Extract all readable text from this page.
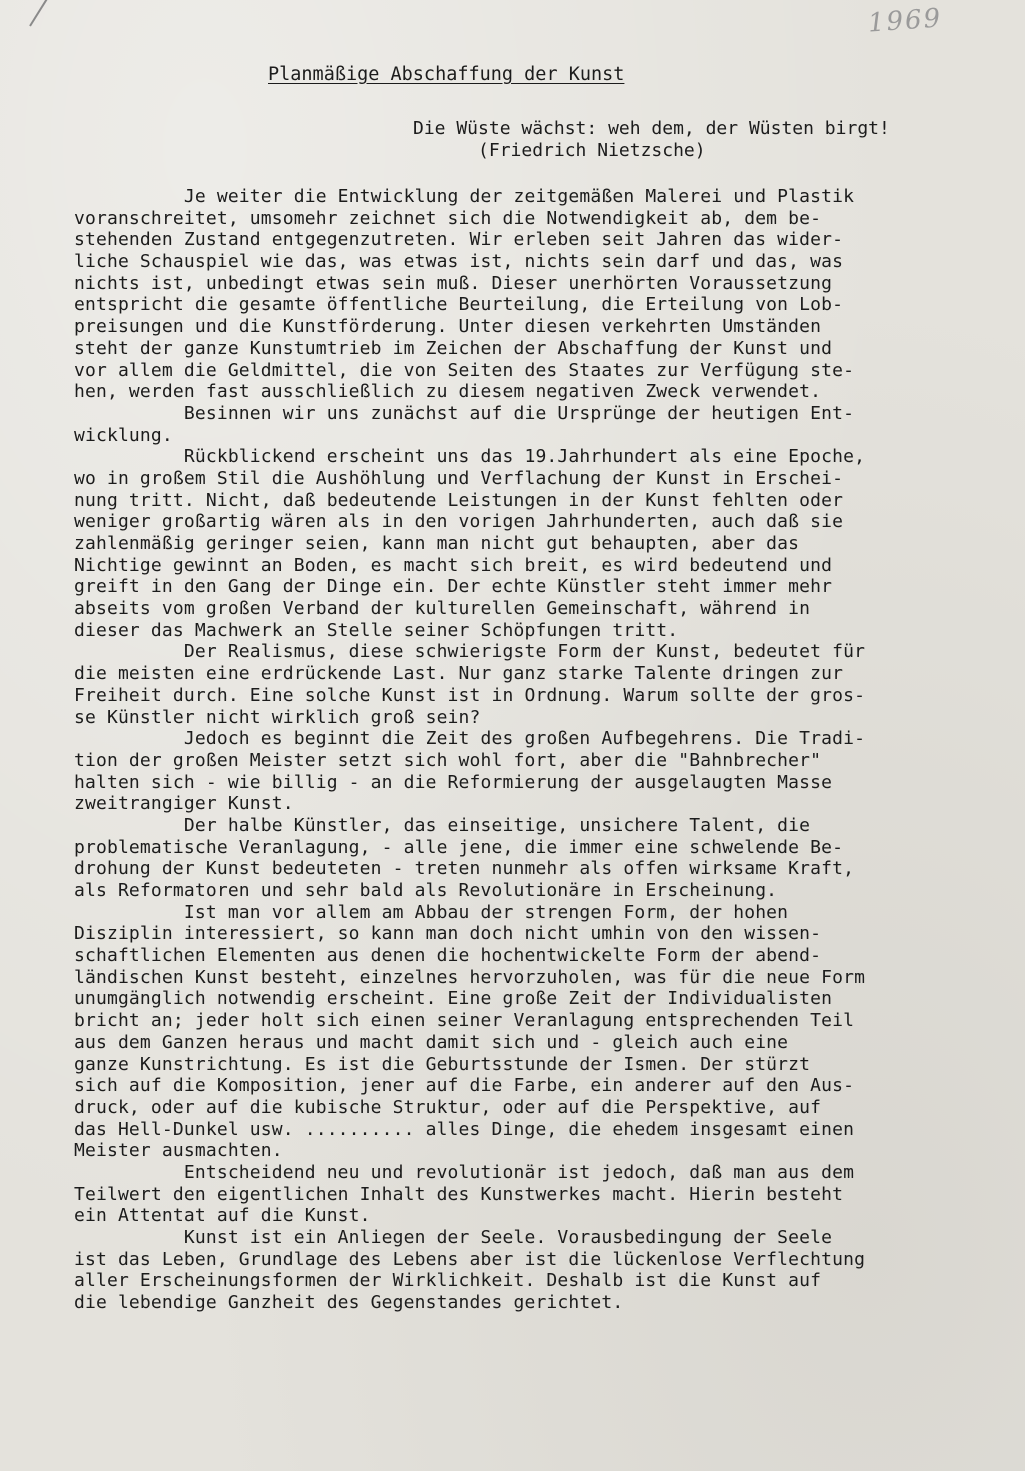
1969
Planmäßige Abschaffung der Kunst
Die Wüste wächst: weh dem, der Wüsten birgt!
(Friedrich Nietzsche)
Je weiter die Entwicklung der zeitgemäßen Malerei und Plastik
voranschreitet, umsomehr zeichnet sich die Notwendigkeit ab, dem be-
stehenden Zustand entgegenzutreten. Wir erleben seit Jahren das wider-
liche Schauspiel wie das, was etwas ist, nichts sein darf und das, was
nichts ist, unbedingt etwas sein muß. Dieser unerhörten Voraussetzung
entspricht die gesamte öffentliche Beurteilung, die Erteilung von Lob-
preisungen und die Kunstförderung. Unter diesen verkehrten Umständen
steht der ganze Kunstumtrieb im Zeichen der Abschaffung der Kunst und
vor allem die Geldmittel, die von Seiten des Staates zur Verfügung ste-
hen, werden fast ausschließlich zu diesem negativen Zweck verwendet.
Besinnen wir uns zunächst auf die Ursprünge der heutigen Ent-
wicklung.
Rückblickend erscheint uns das 19.Jahrhundert als eine Epoche,
wo in großem Stil die Aushöhlung und Verflachung der Kunst in Erschei-
nung tritt. Nicht, daß bedeutende Leistungen in der Kunst fehlten oder
weniger großartig wären als in den vorigen Jahrhunderten, auch daß sie
zahlenmäßig geringer seien, kann man nicht gut behaupten, aber das
Nichtige gewinnt an Boden, es macht sich breit, es wird bedeutend und
greift in den Gang der Dinge ein. Der echte Künstler steht immer mehr
abseits vom großen Verband der kulturellen Gemeinschaft, während in
dieser das Machwerk an Stelle seiner Schöpfungen tritt.
Der Realismus, diese schwierigste Form der Kunst, bedeutet für
die meisten eine erdrückende Last. Nur ganz starke Talente dringen zur
Freiheit durch. Eine solche Kunst ist in Ordnung. Warum sollte der gros-
se Künstler nicht wirklich groß sein?
Jedoch es beginnt die Zeit des großen Aufbegehrens. Die Tradi-
tion der großen Meister setzt sich wohl fort, aber die "Bahnbrecher"
halten sich - wie billig - an die Reformierung der ausgelaugten Masse
zweitrangiger Kunst.
Der halbe Künstler, das einseitige, unsichere Talent, die
problematische Veranlagung, - alle jene, die immer eine schwelende Be-
drohung der Kunst bedeuteten - treten nunmehr als offen wirksame Kraft,
als Reformatoren und sehr bald als Revolutionäre in Erscheinung.
Ist man vor allem am Abbau der strengen Form, der hohen
Disziplin interessiert, so kann man doch nicht umhin von den wissen-
schaftlichen Elementen aus denen die hochentwickelte Form der abend-
ländischen Kunst besteht, einzelnes hervorzuholen, was für die neue Form
unumgänglich notwendig erscheint. Eine große Zeit der Individualisten
bricht an; jeder holt sich einen seiner Veranlagung entsprechenden Teil
aus dem Ganzen heraus und macht damit sich und - gleich auch eine
ganze Kunstrichtung. Es ist die Geburtsstunde der Ismen. Der stürzt
sich auf die Komposition, jener auf die Farbe, ein anderer auf den Aus-
druck, oder auf die kubische Struktur, oder auf die Perspektive, auf
das Hell-Dunkel usw. .......... alles Dinge, die ehedem insgesamt einen
Meister ausmachten.
Entscheidend neu und revolutionär ist jedoch, daß man aus dem
Teilwert den eigentlichen Inhalt des Kunstwerkes macht. Hierin besteht
ein Attentat auf die Kunst.
Kunst ist ein Anliegen der Seele. Vorausbedingung der Seele
ist das Leben, Grundlage des Lebens aber ist die lückenlose Verflechtung
aller Erscheinungsformen der Wirklichkeit. Deshalb ist die Kunst auf
die lebendige Ganzheit des Gegenstandes gerichtet.
